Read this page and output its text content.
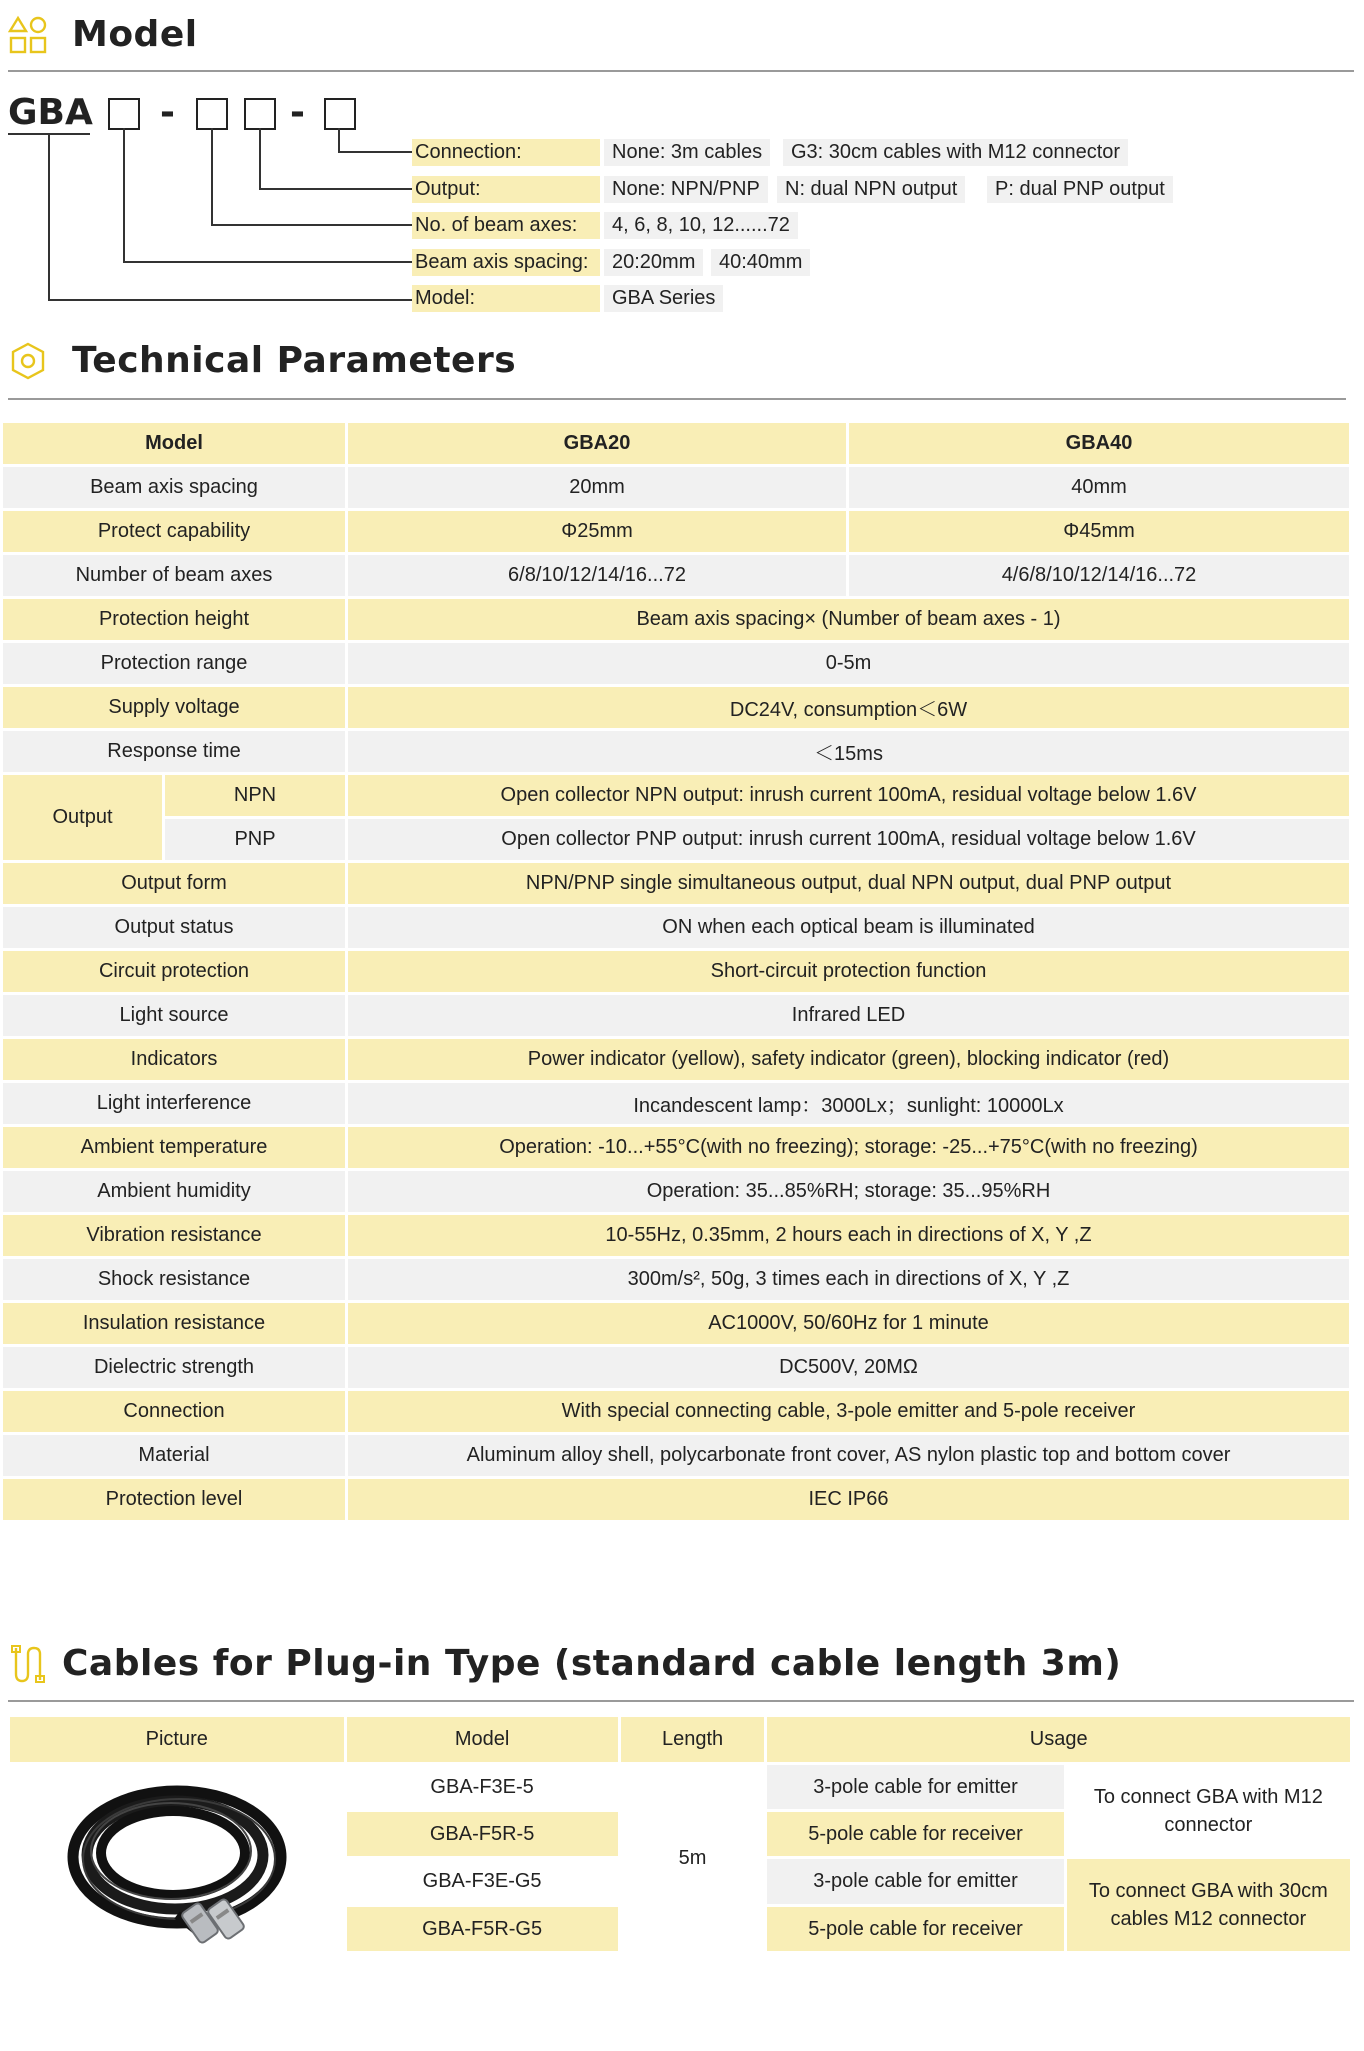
Model
GBA -	-
Connection:	None: 3m cables	G3: 30cm cables with M12 connector
Output:	None: NPN/PNP	N: dual NPN output	P: dual PNP output
No. of beam axes:	4, 6, 8, 10, 12......72
Beam axis spacing:	20:20mm	40:40mm
Model:	GBA Series
Technical Parameters
Model		GBA20	GBA40
Beam axis spacing		20mm	40mm
Protect capability		Φ25mm	Φ45mm
Number of beam axes		6/8/10/12/14/16...72	4/6/8/10/12/14/16...72
Protection height		Beam axis spacing× (Number of beam axes - 1)	
Protection range		0-5m	
Supply voltage		DC24V, consumption＜6W	
Response time		＜15ms	
Output	NPN	Open collector NPN output: inrush current 100mA, residual voltage below 1.6V	
	PNP	Open collector PNP output: inrush current 100mA, residual voltage below 1.6V	
Output form		NPN/PNP single simultaneous output, dual NPN output, dual PNP output	
Output status		ON when each optical beam is illuminated	
Circuit protection		Short-circuit protection function	
Light source		Infrared LED	
Indicators		Power indicator (yellow), safety indicator (green), blocking indicator (red)	
Light interference		Incandescent lamp：3000Lx；sunlight: 10000Lx	
Ambient temperature		Operation: -10...+55°C(with no freezing); storage: -25...+75°C(with no freezing)	
Ambient humidity		Operation: 35...85%RH; storage: 35...95%RH	
Vibration resistance		10-55Hz, 0.35mm, 2 hours each in directions of X, Y ,Z	
Shock resistance		300m/s², 50g, 3 times each in directions of X, Y ,Z	
Insulation resistance		AC1000V, 50/60Hz for 1 minute	
Dielectric strength		DC500V, 20MΩ	
Connection		With special connecting cable, 3-pole emitter and 5-pole receiver	
Material		Aluminum alloy shell, polycarbonate front cover, AS nylon plastic top and bottom cover	
Protection level		IEC IP66	
Cables for Plug-in Type (standard cable length 3m)
Picture	Model	Length	Usage	
	GBA-F3E-5	5m	3-pole cable for emitter	To connect GBA with M12 connector
	GBA-F5R-5		5-pole cable for receiver	
	GBA-F3E-G5		3-pole cable for emitter	To connect GBA with 30cm cables M12 connector
	GBA-F5R-G5		5-pole cable for receiver	
